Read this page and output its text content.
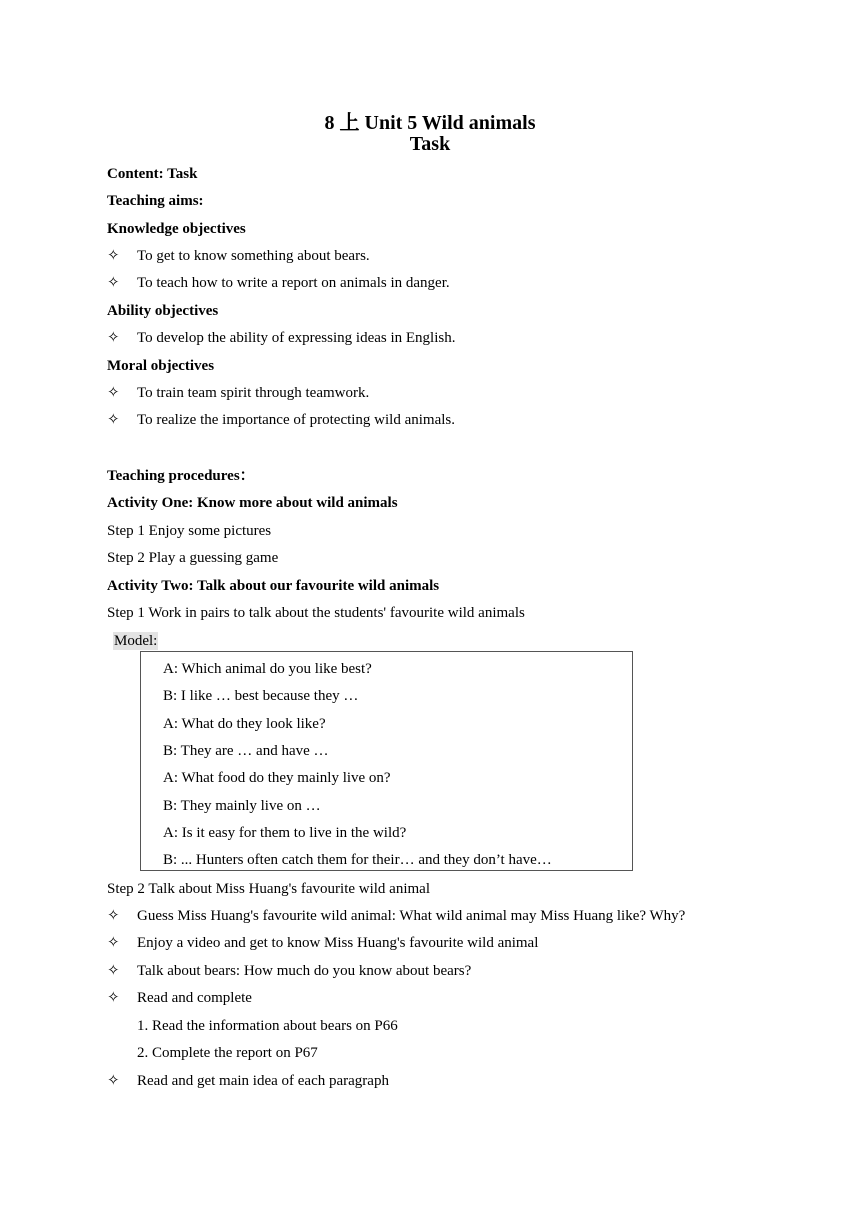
8 上 Unit 5 Wild animals
Task
Content: Task
Teaching aims:
Knowledge objectives
✧ To get to know something about bears.
✧ To teach how to write a report on animals in danger.
Ability objectives
✧ To develop the ability of expressing ideas in English.
Moral objectives
✧ To train team spirit through teamwork.
✧ To realize the importance of protecting wild animals.
Teaching procedures：
Activity One: Know more about wild animals
Step 1 Enjoy some pictures
Step 2 Play a guessing game
Activity Two: Talk about our favourite wild animals
Step 1 Work in pairs to talk about the students' favourite wild animals
Model:
A: Which animal do you like best?
B: I like … best because they …
A: What do they look like?
B: They are … and have …
A: What food do they mainly live on?
B: They mainly live on …
A: Is it easy for them to live in the wild?
B: ... Hunters often catch them for their… and they don’t have…
Step 2 Talk about Miss Huang's favourite wild animal
✧ Guess Miss Huang's favourite wild animal: What wild animal may Miss Huang like? Why?
✧ Enjoy a video and get to know Miss Huang's favourite wild animal
✧ Talk about bears: How much do you know about bears?
✧ Read and complete
1. Read the information about bears on P66
2. Complete the report on P67
✧ Read and get main idea of each paragraph
